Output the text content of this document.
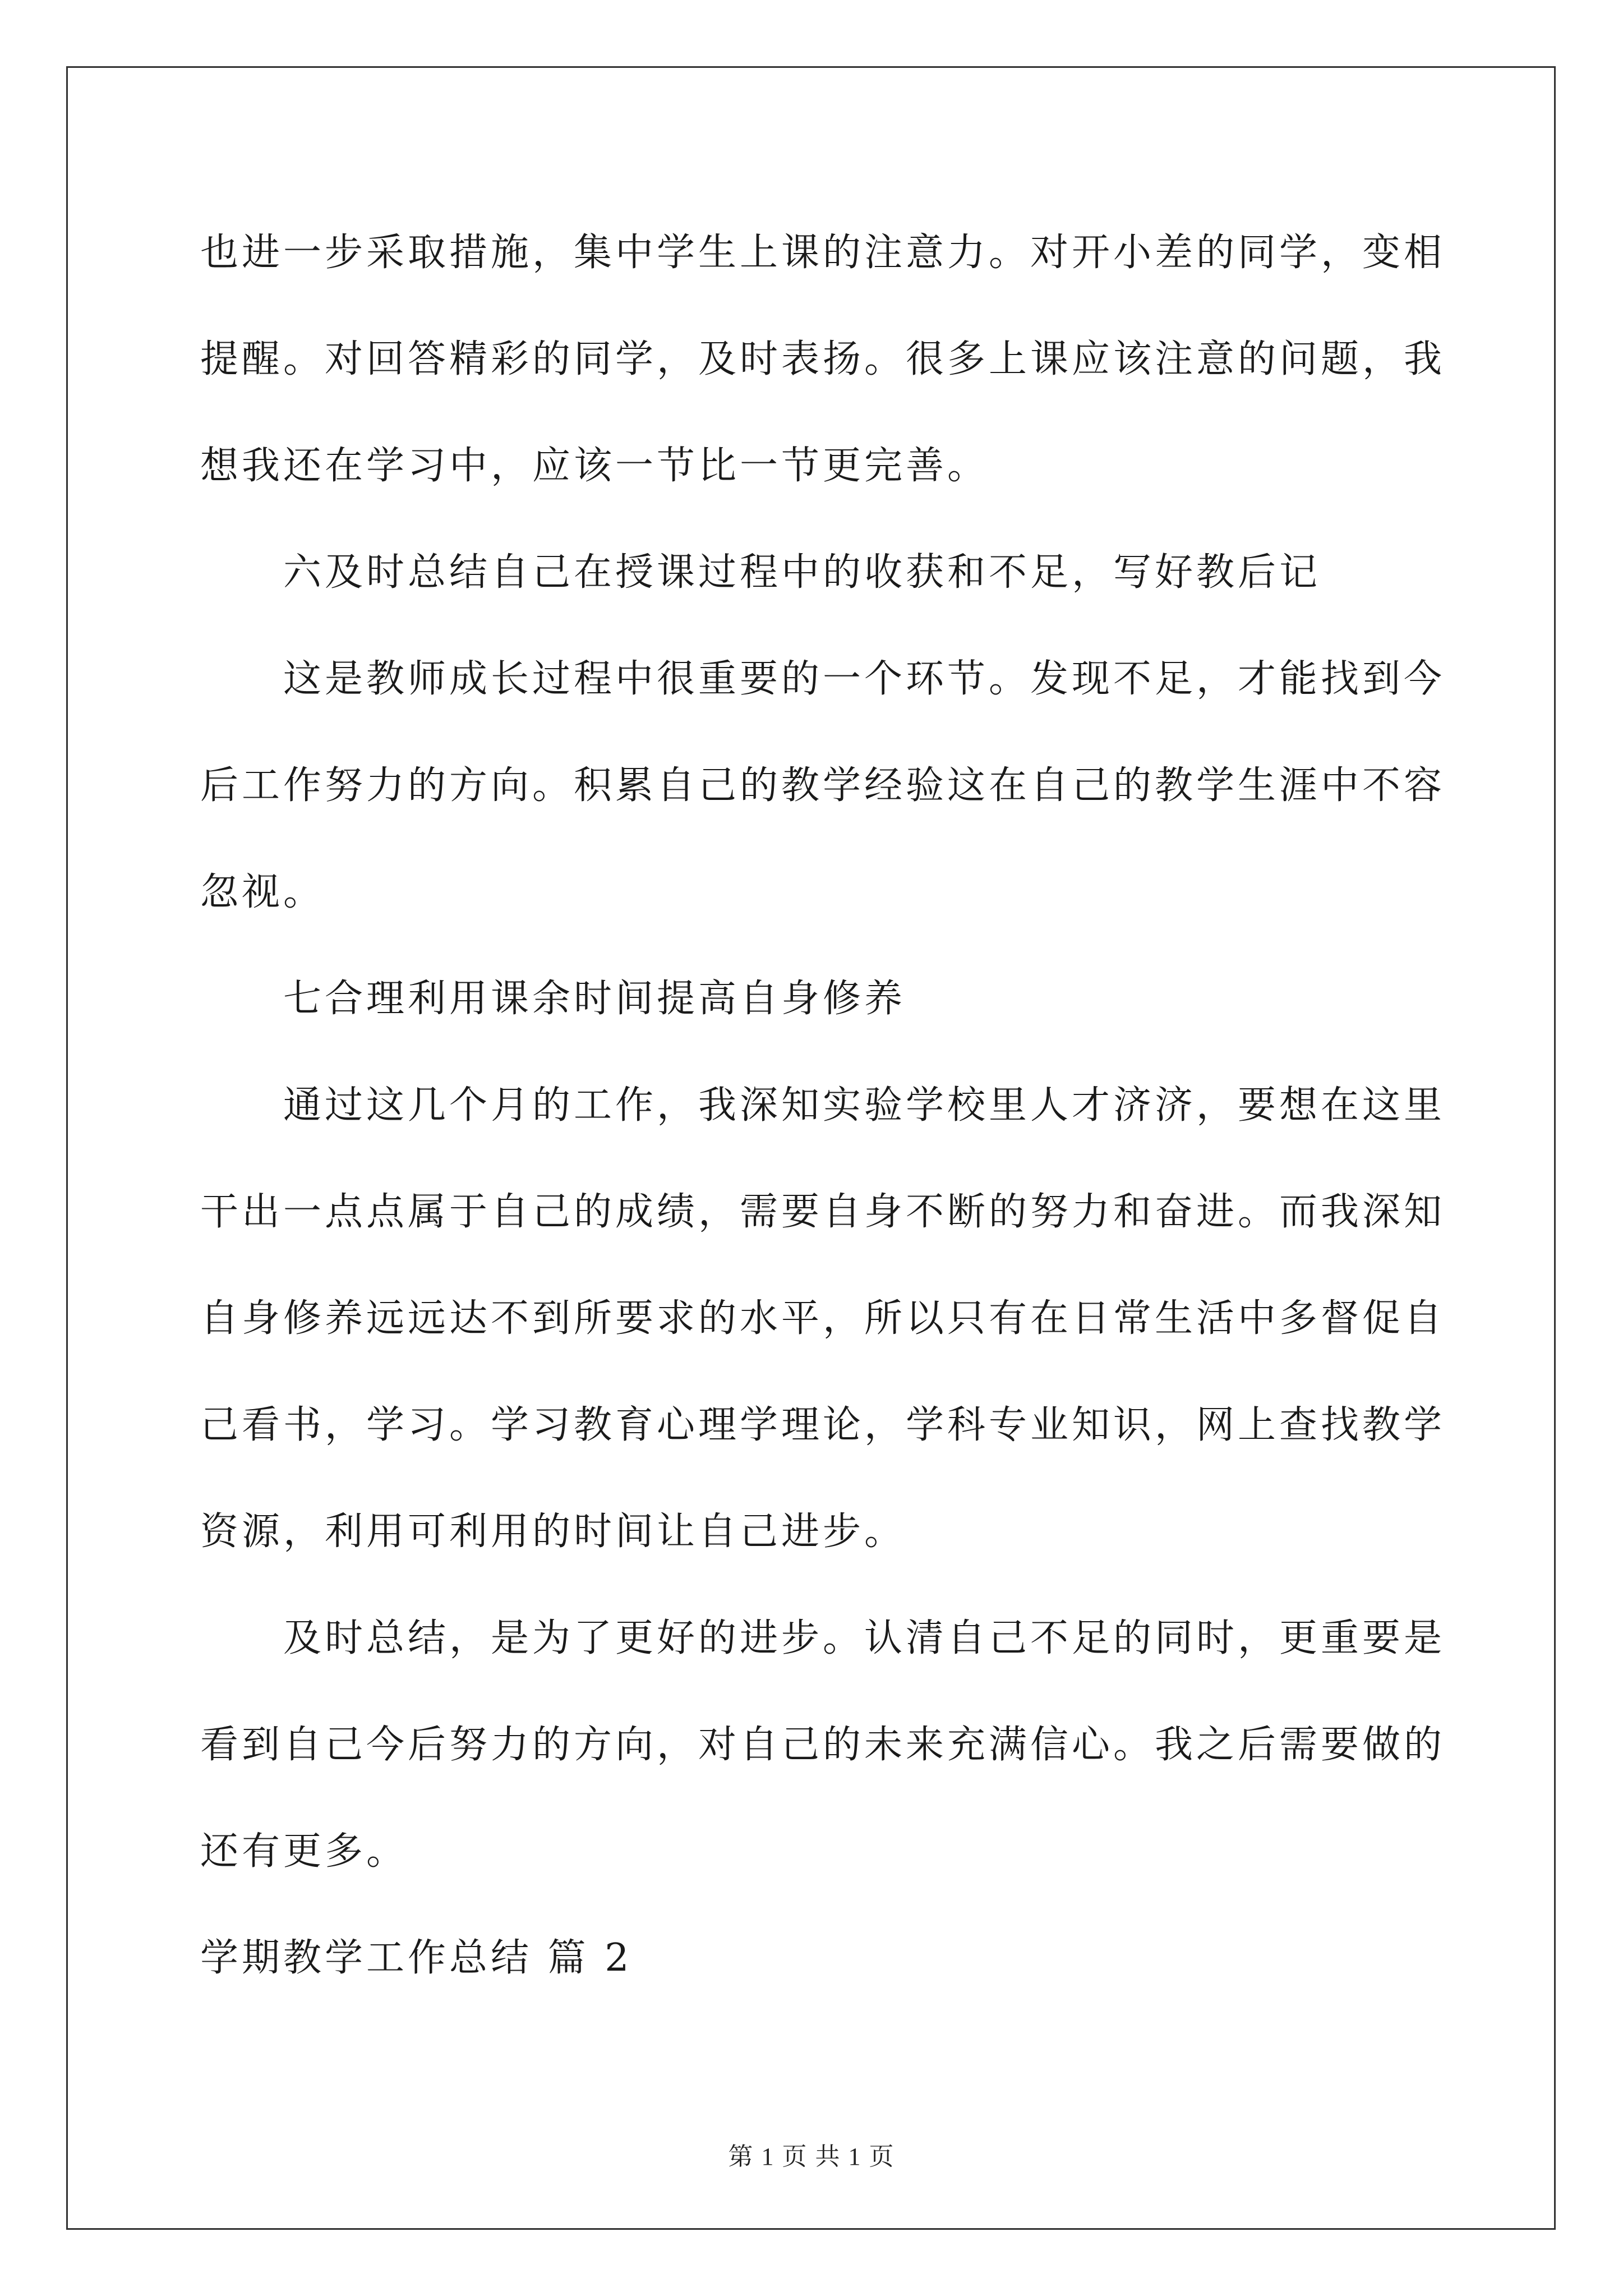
也进一步采取措施，集中学生上课的注意力。对开小差的同学，变相
提醒。对回答精彩的同学，及时表扬。很多上课应该注意的问题，我
想我还在学习中，应该一节比一节更完善。
六及时总结自己在授课过程中的收获和不足，写好教后记
这是教师成长过程中很重要的一个环节。发现不足，才能找到今
后工作努力的方向。积累自己的教学经验这在自己的教学生涯中不容
忽视。
七合理利用课余时间提高自身修养
通过这几个月的工作，我深知实验学校里人才济济，要想在这里
干出一点点属于自己的成绩，需要自身不断的努力和奋进。而我深知
自身修养远远达不到所要求的水平，所以只有在日常生活中多督促自
己看书，学习。学习教育心理学理论，学科专业知识，网上查找教学
资源，利用可利用的时间让自己进步。
及时总结，是为了更好的进步。认清自己不足的同时，更重要是
看到自己今后努力的方向，对自己的未来充满信心。我之后需要做的
还有更多。
学期教学工作总结 篇 2
第 1 页 共 1 页
